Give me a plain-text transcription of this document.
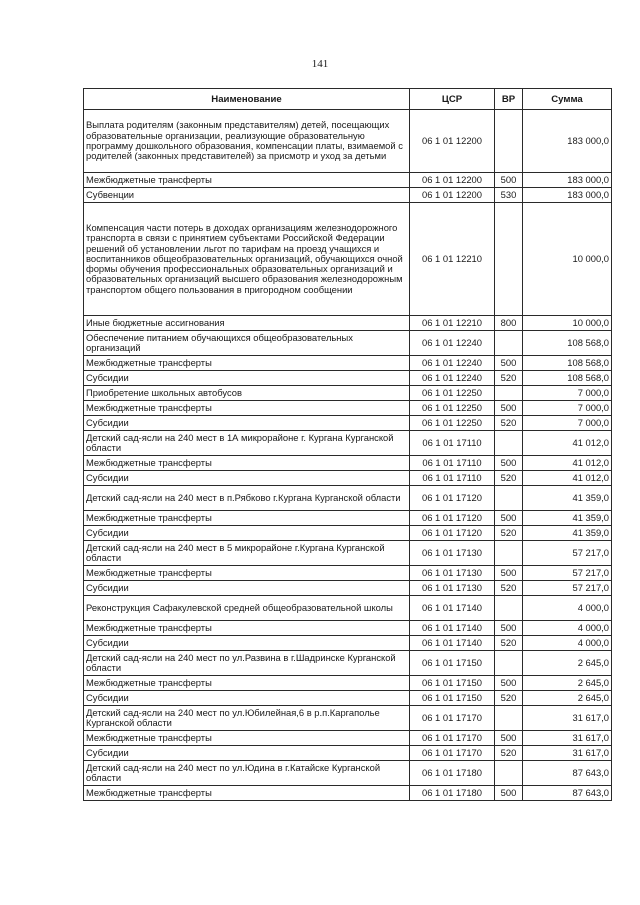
141
Наименование	ЦСР	ВР	Сумма
Выплата родителям (законным представителям) детей, посещающих образовательные организации, реализующие образовательную программу дошкольного образования, компенсации платы, взимаемой с родителей (законных представителей) за присмотр и уход за детьми	06 1 01 12200		183 000,0
Межбюджетные трансферты	06 1 01 12200	500	183 000,0
Субвенции	06 1 01 12200	530	183 000,0
Компенсация части потерь в доходах организациям железнодорожного транспорта в связи с принятием субъектами Российской Федерации решений об установлении льгот по тарифам на проезд учащихся и воспитанников общеобразовательных организаций, обучающихся очной формы обучения профессиональных образовательных организаций и образовательных организаций высшего образования железнодорожным транспортом общего пользования в пригородном сообщении	06 1 01 12210		10 000,0
Иные бюджетные ассигнования	06 1 01 12210	800	10 000,0
Обеспечение питанием обучающихся общеобразовательных организаций	06 1 01 12240		108 568,0
Межбюджетные трансферты	06 1 01 12240	500	108 568,0
Субсидии	06 1 01 12240	520	108 568,0
Приобретение школьных автобусов	06 1 01 12250		7 000,0
Межбюджетные трансферты	06 1 01 12250	500	7 000,0
Субсидии	06 1 01 12250	520	7 000,0
Детский сад-ясли на 240 мест в 1А микрорайоне г. Кургана Курганской области	06 1 01 17110		41 012,0
Межбюджетные трансферты	06 1 01 17110	500	41 012,0
Субсидии	06 1 01 17110	520	41 012,0
Детский сад-ясли на 240 мест в п.Рябково г.Кургана Курганской области	06 1 01 17120		41 359,0
Межбюджетные трансферты	06 1 01 17120	500	41 359,0
Субсидии	06 1 01 17120	520	41 359,0
Детский сад-ясли на 240 мест в 5 микрорайоне г.Кургана Курганской области	06 1 01 17130		57 217,0
Межбюджетные трансферты	06 1 01 17130	500	57 217,0
Субсидии	06 1 01 17130	520	57 217,0
Реконструкция Сафакулевской средней общеобразовательной школы	06 1 01 17140		4 000,0
Межбюджетные трансферты	06 1 01 17140	500	4 000,0
Субсидии	06 1 01 17140	520	4 000,0
Детский сад-ясли на 240 мест по ул.Развина в г.Шадринске Курганской области	06 1 01 17150		2 645,0
Межбюджетные трансферты	06 1 01 17150	500	2 645,0
Субсидии	06 1 01 17150	520	2 645,0
Детский сад-ясли на 240 мест по ул.Юбилейная,6 в р.п.Каргаполье Курганской области	06 1 01 17170		31 617,0
Межбюджетные трансферты	06 1 01 17170	500	31 617,0
Субсидии	06 1 01 17170	520	31 617,0
Детский сад-ясли на 240 мест по ул.Юдина в г.Катайске Курганской области	06 1 01 17180		87 643,0
Межбюджетные трансферты	06 1 01 17180	500	87 643,0
